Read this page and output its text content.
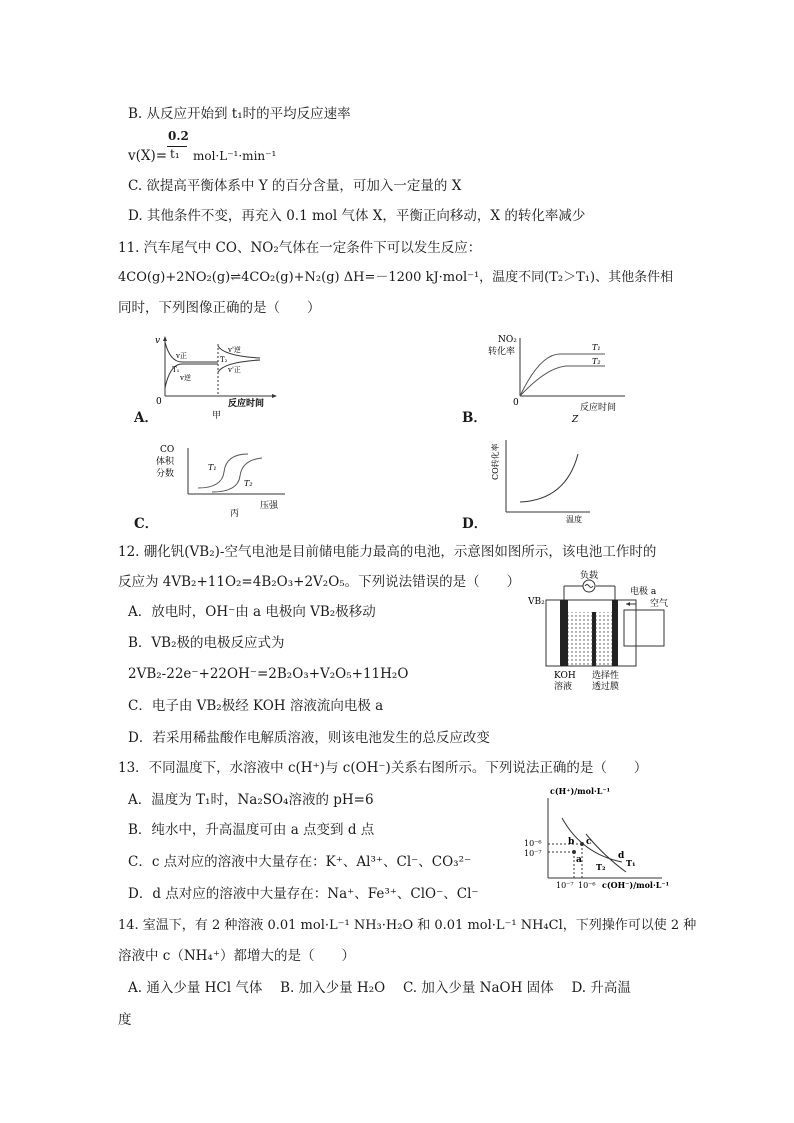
B. 从反应开始到 t₁时的平均反应速率
v(X)=
0.2
t₁ mol·L⁻¹·min⁻¹
C. 欲提高平衡体系中 Y 的百分含量，可加入一定量的 X
D. 其他条件不变，再充入 0.1 mol 气体 X，平衡正向移动，X 的转化率减少
11. 汽车尾气中 CO、NO₂气体在一定条件下可以发生反应：
4CO(g)+2NO₂(g)⇌4CO₂(g)+N₂(g) ΔH=－1200 kJ·mol⁻¹，温度不同(T₂＞T₁)、其他条件相
同时，下列图像正确的是（　　）
A．
v
0
v正
T₁
v逆
v'逆
T₂
v'正
反应时间
甲	B．
NO₂
转化率
0
T₁
T₂
反应时间
Z
C．
CO
体积
分数
T₁
T₂
压强
丙
D．
CO转化率
温度
12. 硼化钒(VB₂)-空气电池是目前储电能力最高的电池，示意图如图所示，该电池工作时的
反应为 4VB₂+11O₂=4B₂O₃+2V₂O₅。下列说法错误的是（　　）
A．放电时，OH⁻由 a 电极向 VB₂极移动
B．VB₂极的电极反应式为
2VB₂-22e⁻+22OH⁻=2B₂O₃+V₂O₅+11H₂O
C．电子由 VB₂极经 KOH 溶液流向电极 a
D．若采用稀盐酸作电解质溶液，则该电池发生的总反应改变
负载
VB₂
电极 a
空气
KOH
溶液
选择性
透过膜
13．不同温度下，水溶液中 c(H⁺)与 c(OH⁻)关系右图所示。下列说法正确的是（　　）
A．温度为 T₁时，Na₂SO₄溶液的 pH=6
B．纯水中，升高温度可由 a 点变到 d 点
C．c 点对应的溶液中大量存在：K⁺、Al³⁺、Cl⁻、CO₃²⁻
D．d 点对应的溶液中大量存在：Na⁺、Fe³⁺、ClO⁻、Cl⁻
c(H⁺)/mol·L⁻¹
10⁻⁶
10⁻⁷
10⁻⁷ 10⁻⁶ c(OH⁻)/mol·L⁻¹
a
b c
d
T₁
T₂
14. 室温下，有 2 种溶液 0.01 mol·L⁻¹ NH₃·H₂O 和 0.01 mol·L⁻¹ NH₄Cl，下列操作可以使 2 种
溶液中 c（NH₄⁺）都增大的是（　　）
A. 通入少量 HCl 气体　 B. 加入少量 H₂O　 C. 加入少量 NaOH 固体　 D. 升高温
度
